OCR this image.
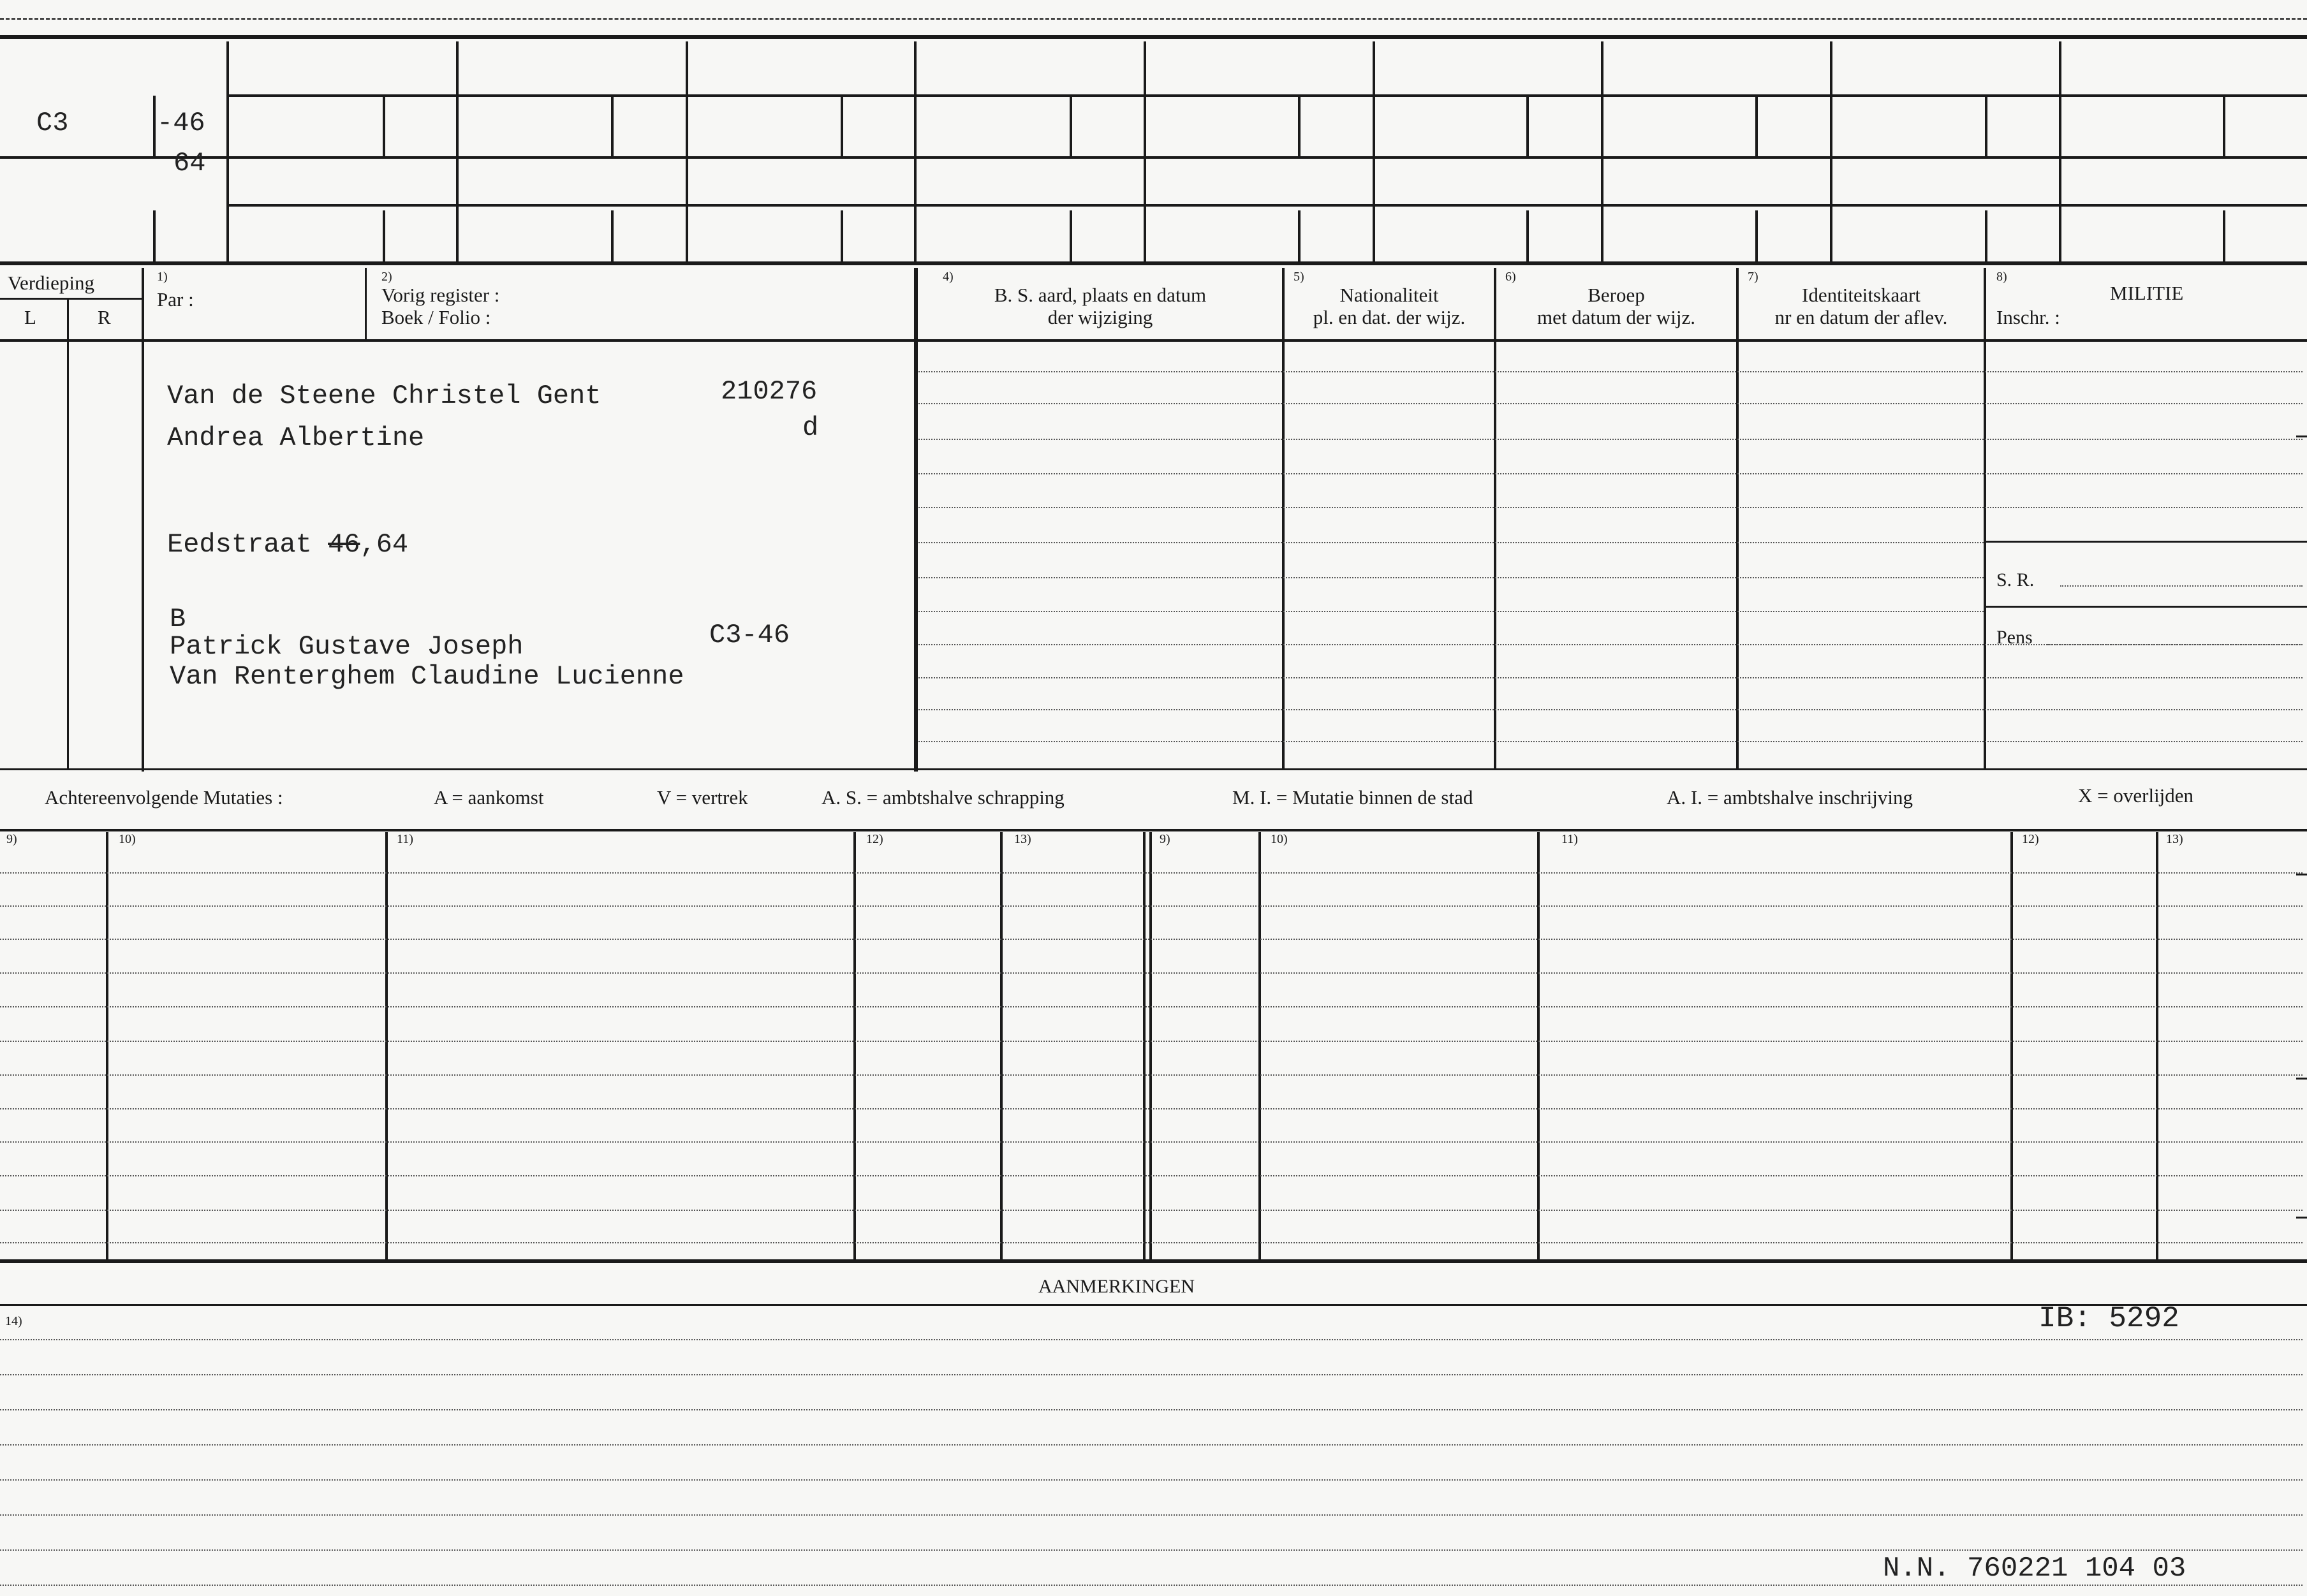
C3	-46
64
Verdieping
L	R
1)
Par :
2)
Vorig register :
Boek / Folio :
4)
B. S. aard, plaats en datum
der wijziging
5)
Nationaliteit
pl. en dat. der wijz.
6)
Beroep
met datum der wijz.
7)
Identiteitskaart
nr en datum der aflev.
8)
MILITIE
Inschr. :
Van de Steene Christel Gent
Andrea Albertine
210276
d
Eedstraat 46,64
B
Patrick Gustave Joseph
Van Renterghem Claudine Lucienne
C3-46
S. R.
Pens
Achtereenvolgende Mutaties :	A = aankomst	V = vertrek	A. S. = ambtshalve schrapping	M. I. = Mutatie binnen de stad	A. I. = ambtshalve inschrijving	X = overlijden
9)	10)	11)	12)	13)	9)	10)	11)	12)	13)
AANMERKINGEN
14)	IB: 5292
N.N. 760221 104 03
